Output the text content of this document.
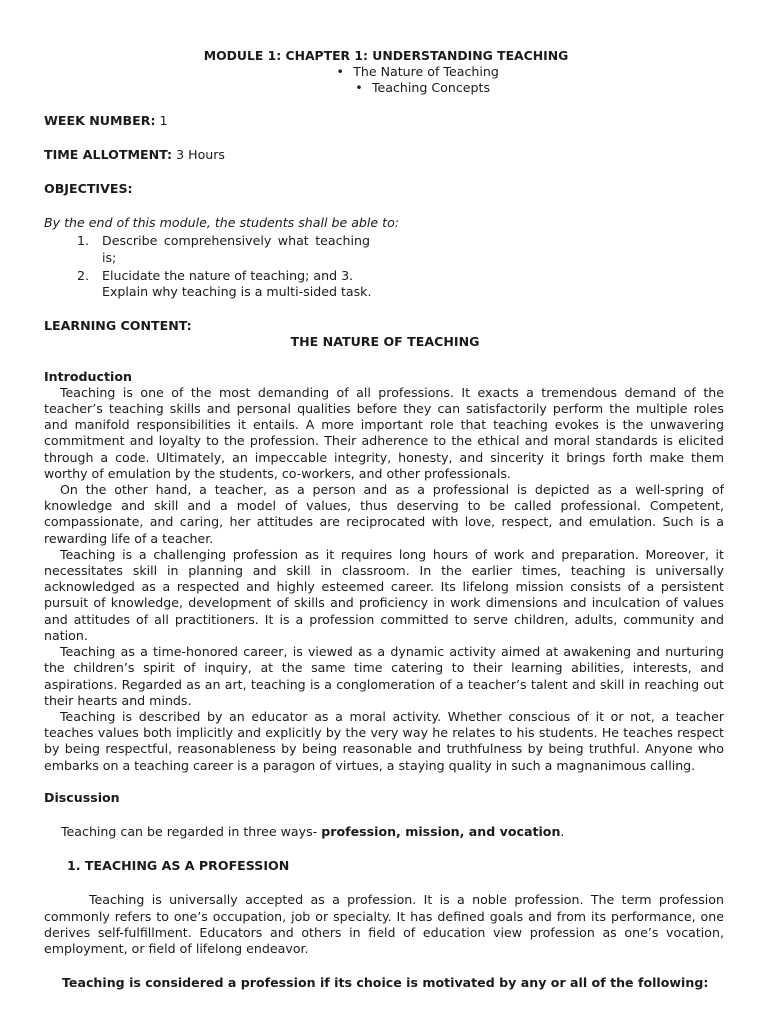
MODULE 1: CHAPTER 1: UNDERSTANDING TEACHING
• The Nature of Teaching
• Teaching Concepts
WEEK NUMBER: 1
TIME ALLOTMENT: 3 Hours
OBJECTIVES:
By the end of this module, the students shall be able to:
1. Describe comprehensively what teaching is;
2. Elucidate the nature of teaching; and 3.
Explain why teaching is a multi-sided task.
LEARNING CONTENT:
THE NATURE OF TEACHING
Introduction

Teaching is one of the most demanding of all professions. It exacts a tremendous demand of the teacher’s teaching skills and personal qualities before they can satisfactorily perform the multiple roles and manifold responsibilities it entails. A more important role that teaching evokes is the unwavering commitment and loyalty to the profession. Their adherence to the ethical and moral standards is elicited through a code. Ultimately, an impeccable integrity, honesty, and sincerity it brings forth make them worthy of emulation by the students, co-workers, and other professionals.

On the other hand, a teacher, as a person and as a professional is depicted as a well-spring of knowledge and skill and a model of values, thus deserving to be called professional. Competent, compassionate, and caring, her attitudes are reciprocated with love, respect, and emulation. Such is a rewarding life of a teacher.

Teaching is a challenging profession as it requires long hours of work and preparation. Moreover, it necessitates skill in planning and skill in classroom. In the earlier times, teaching is universally acknowledged as a respected and highly esteemed career. Its lifelong mission consists of a persistent pursuit of knowledge, development of skills and proficiency in work dimensions and inculcation of values and attitudes of all practitioners. It is a profession committed to serve children, adults, community and nation.

Teaching as a time-honored career, is viewed as a dynamic activity aimed at awakening and nurturing the children’s spirit of inquiry, at the same time catering to their learning abilities, interests, and aspirations. Regarded as an art, teaching is a conglomeration of a teacher’s talent and skill in reaching out their hearts and minds.

Teaching is described by an educator as a moral activity. Whether conscious of it or not, a teacher teaches values both implicitly and explicitly by the very way he relates to his students. He teaches respect by being respectful, reasonableness by being reasonable and truthfulness by being truthful. Anyone who embarks on a teaching career is a paragon of virtues, a staying quality in such a magnanimous calling.

Discussion
Teaching can be regarded in three ways- profession, mission, and vocation.
1. TEACHING AS A PROFESSION

Teaching is universally accepted as a profession. It is a noble profession. The term profession commonly refers to one’s occupation, job or specialty. It has defined goals and from its performance, one derives self-fulfillment. Educators and others in field of education view profession as one’s vocation, employment, or field of lifelong endeavor.

Teaching is considered a profession if its choice is motivated by any or all of the following:
